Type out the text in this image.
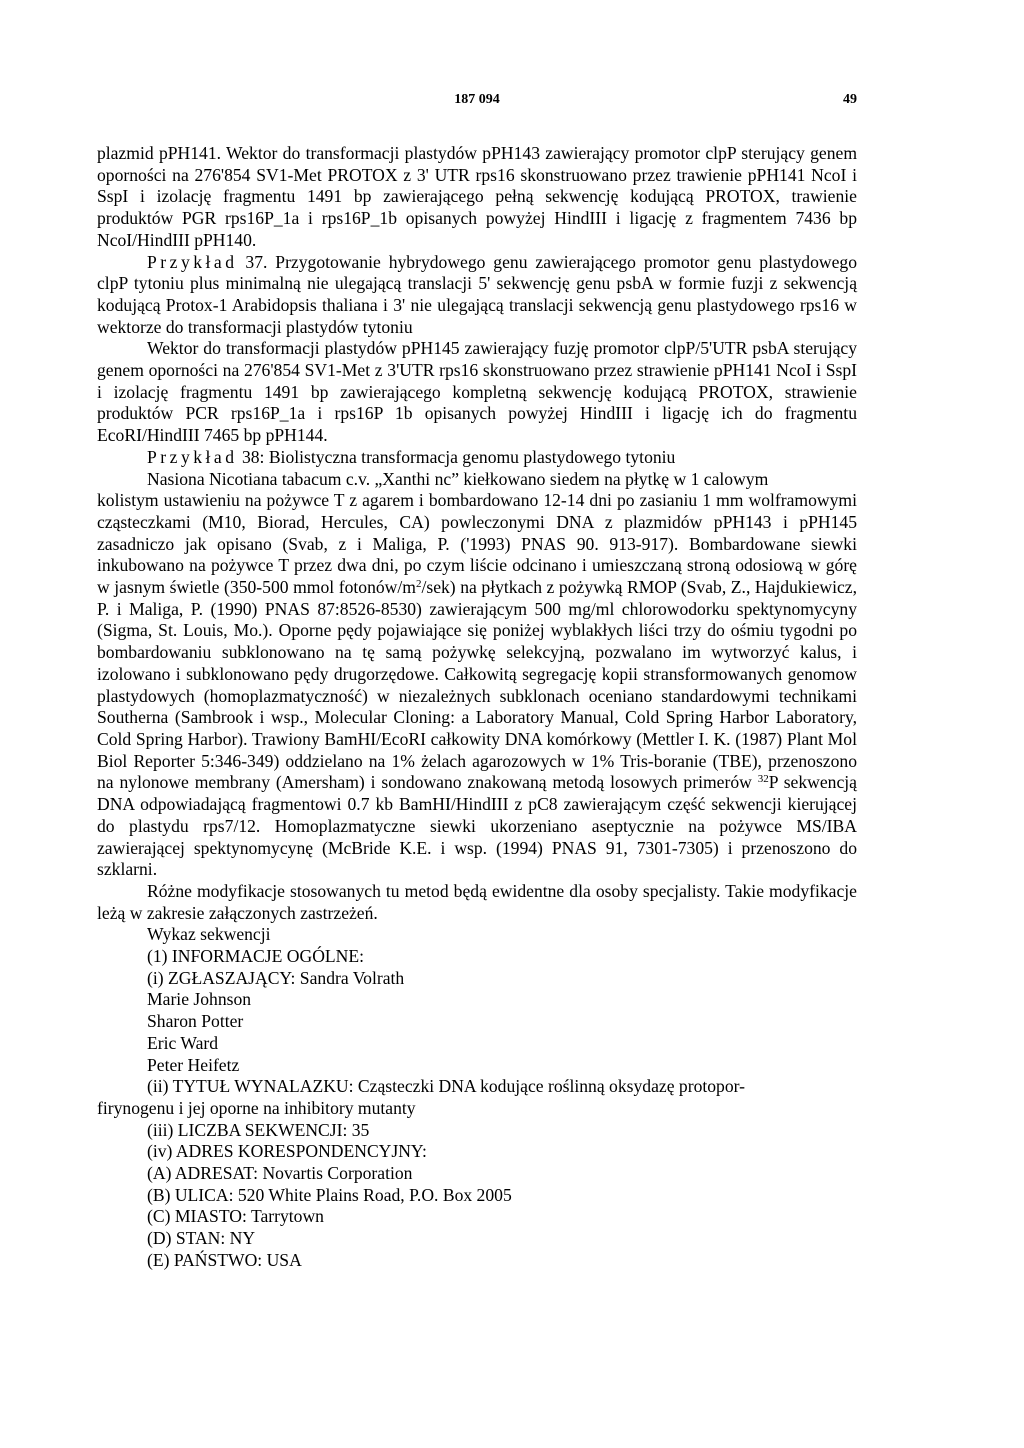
187 094	49

plazmid pPH141. Wektor do transformacji plastydów pPH143 zawierający promotor clpP sterujący genem oporności na 276'854 SV1-Met PROTOX z 3' UTR rps16 skonstruowano przez trawienie pPH141 NcoI i SspI i izolację fragmentu 1491 bp zawierającego pełną sekwencję kodującą PROTOX, trawienie produktów PGR rps16P_1a i rps16P_1b opisanych powyżej HindIII i ligację z fragmentem 7436 bp NcoI/HindIII pPH140.

Przykład 37. Przygotowanie hybrydowego genu zawierającego promotor genu plastydowego clpP tytoniu plus minimalną nie ulegającą translacji 5' sekwencję genu psbA w formie fuzji z sekwencją kodującą Protox-1 Arabidopsis thaliana i 3' nie ulegającą translacji sekwencją genu plastydowego rps16 w wektorze do transformacji plastydów tytoniu

Wektor do transformacji plastydów pPH145 zawierający fuzję promotor clpP/5'UTR psbA sterujący genem oporności na 276'854 SV1-Met z 3'UTR rps16 skonstruowano przez strawienie pPH141 NcoI i SspI i izolację fragmentu 1491 bp zawierającego kompletną sekwencję kodującą PROTOX, strawienie produktów PCR rps16P_1a i rps16P 1b opisanych powyżej HindIII i ligację ich do fragmentu EcoRI/HindIII 7465 bp pPH144.

Przykład 38: Biolistyczna transformacja genomu plastydowego tytoniu

Nasiona Nicotiana tabacum c.v. „Xanthi nc” kiełkowano siedem na płytkę w 1 calowym
kolistym ustawieniu na pożywce T z agarem i bombardowano 12-14 dni po zasianiu 1 mm wolframowymi cząsteczkami (M10, Biorad, Hercules, CA) powleczonymi DNA z plazmidów pPH143 i pPH145 zasadniczo jak opisano (Svab, z i Maliga, P. ('1993) PNAS 90. 913-917). Bombardowane siewki inkubowano na pożywce T przez dwa dni, po czym liście odcinano i umieszczaną stroną odosiową w górę w jasnym świetle (350-500 mmol fotonów/$m^2/sek$) na płytkach z pożywką RMOP (Svab, Z., Hajdukiewicz, P. i Maliga, P. (1990) PNAS 87:8526-8530) zawierającym 500 mg/ml chlorowodorku spektynomycyny (Sigma, St. Louis, Mo.). Oporne pędy pojawiające się poniżej wyblakłych liści trzy do ośmiu tygodni po bombardowaniu subklonowano na tę samą pożywkę selekcyjną, pozwalano im wytworzyć kalus, i izolowano i subklonowano pędy drugorzędowe. Całkowitą segregację kopii stransformowanych genomow plastydowych (homoplazmatyczność) w niezależnych subklonach oceniano standardowymi technikami Southerna (Sambrook i wsp., Molecular Cloning: a Laboratory Manual, Cold Spring Harbor Laboratory, Cold Spring Harbor). Trawiony BamHI/EcoRI całkowity DNA komórkowy (Mettler I. K. (1987) Plant Mol Biol Reporter 5:346-349) oddzielano na 1% żelach agarozowych w 1% Tris-boranie (TBE), przenoszono na nylonowe membrany (Amersham) i sondowano znakowaną metodą losowych primerów $^{32}$P sekwencją DNA odpowiadającą fragmentowi 0.7 kb BamHI/HindIII z pC8 zawierającym część sekwencji kierującej do plastydu rps7/12. Homoplazmatyczne siewki ukorzeniano aseptycznie na pożywce MS/IBA zawierającej spektynomycynę (McBride K.E. i wsp. (1994) PNAS 91, 7301-7305) i przenoszono do szklarni.

Różne modyfikacje stosowanych tu metod będą ewidentne dla osoby specjalisty. Takie modyfikacje leżą w zakresie załączonych zastrzeżeń.

Wykaz sekwencji
(1) INFORMACJE OGÓLNE:
(i) ZGŁASZAJĄCY: Sandra Volrath
Marie Johnson
Sharon Potter
Eric Ward
Peter Heifetz
(ii) TYTUŁ WYNALAZKU: Cząsteczki DNA kodujące roślinną oksydazę protopor-
firynogenu i jej oporne na inhibitory mutanty
(iii) LICZBA SEKWENCJI: 35
(iv) ADRES KORESPONDENCYJNY:
(A) ADRESAT: Novartis Corporation
(B) ULICA: 520 White Plains Road, P.O. Box 2005
(C) MIASTO: Tarrytown
(D) STAN: NY
(E) PAŃSTWO: USA
